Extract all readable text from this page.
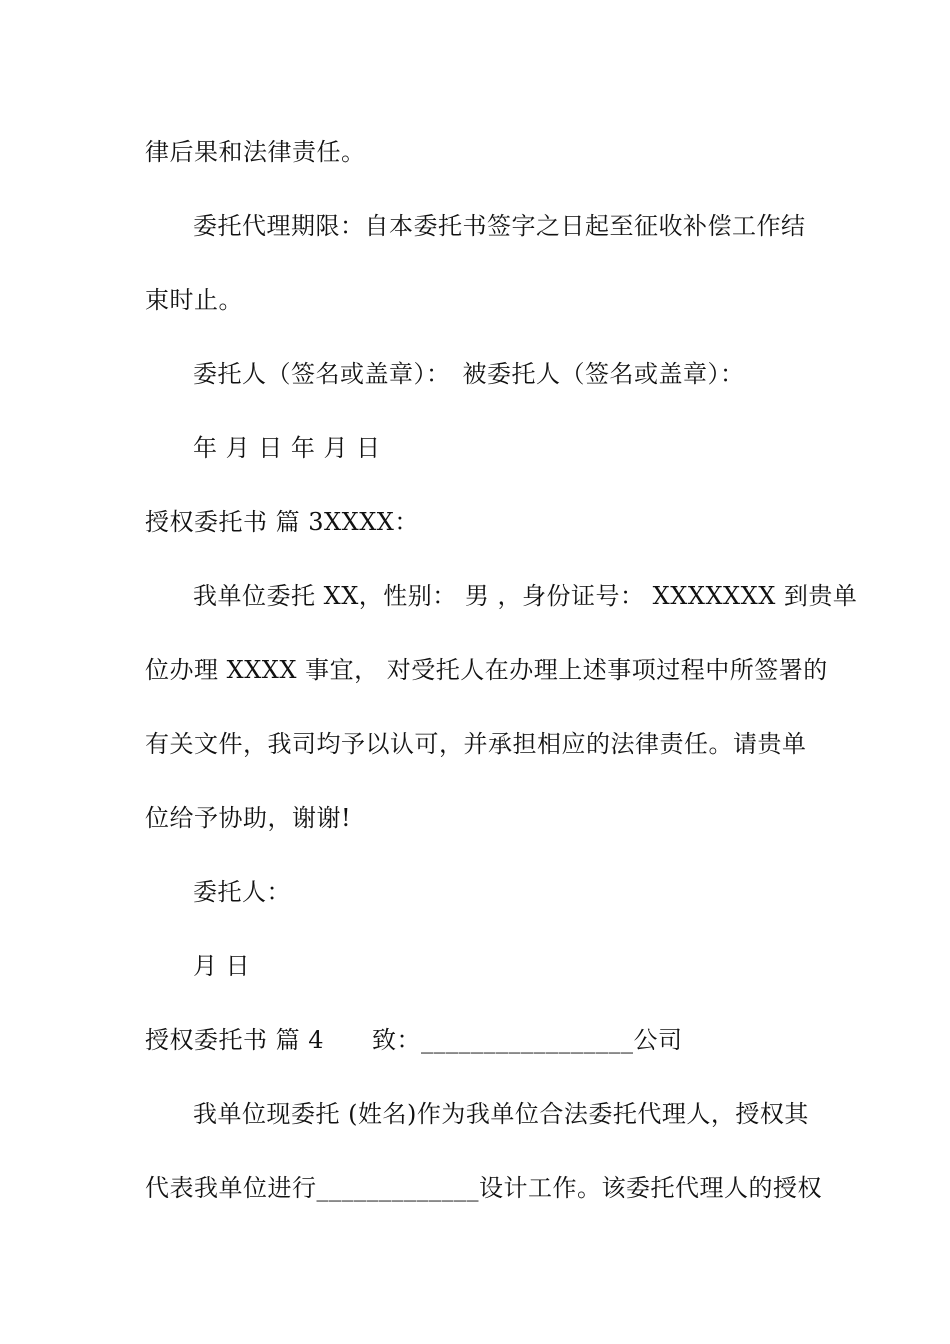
律后果和法律责任。
委托代理期限：自本委托书签字之日起至征收补偿工作结
束时止。
委托人（签名或盖章）： 被委托人（签名或盖章）：
年 月 日 年 月 日
授权委托书 篇 3XXXX：
我单位委托 XX，性别： 男 ，身份证号： XXXXXXX 到贵单
位办理 XXXX 事宜， 对受托人在办理上述事项过程中所签署的
有关文件，我司均予以认可，并承担相应的法律责任。请贵单
位给予协助，谢谢!
委托人：
月 日
授权委托书 篇 4 致：_________________公司
我单位现委托 (姓名)作为我单位合法委托代理人，授权其
代表我单位进行_____________设计工作。该委托代理人的授权
